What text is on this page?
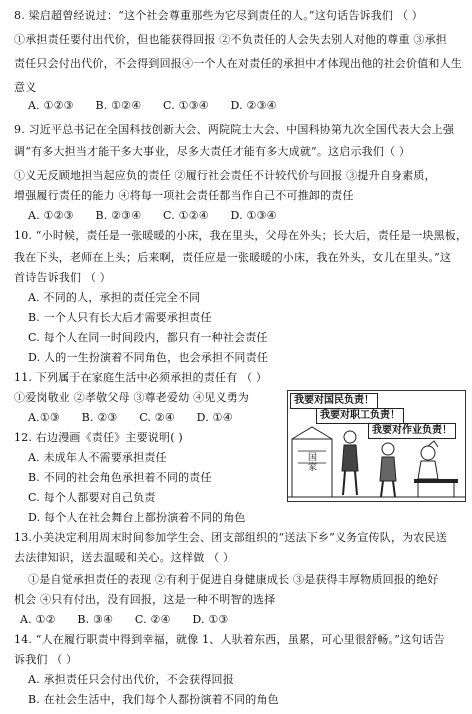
8. 梁启超曾经说过：“这个社会尊重那些为它尽到责任的人。”这句话告诉我们 （ ）
①承担责任要付出代价，但也能获得回报 ②不负责任的人会失去别人对他的尊重 ③承担
责任只会付出代价，不会得到回报④一个人在对责任的承担中才体现出他的社会价值和人生
意义
A. ①②③ B. ①②④ C. ①③④ D. ②③④
9. 习近平总书记在全国科技创新大会、两院院士大会、中国科协第九次全国代表大会上强
调“有多大担当才能干多大事业，尽多大责任才能有多大成就”。这启示我们（ ）
①义无反顾地担当起应负的责任 ②履行社会责任不计较代价与回报 ③提升自身素质，
增强履行责任的能力 ④将每一项社会责任都当作自己不可推卸的责任
A. ①②③ B. ②③④ C. ①②④ D. ①③④
10. “小时候，责任是一张暖暖的小床，我在里头，父母在外头；长大后，责任是一块黑板，
我在下头，老师在上头；后来啊，责任应是一张暖暖的小床，我在外头，女儿在里头。”这
首诗告诉我们 （ ）
A. 不同的人，承担的责任完全不同
B. 一个人只有长大后才需要承担责任
C. 每个人在同一时间段内，都只有一种社会责任
D. 人的一生扮演着不同角色，也会承担不同责任
11. 下列属于在家庭生活中必须承担的责任有 （ ）
①爱岗敬业 ②孝敬父母 ③尊老爱幼 ④见义勇为
A.①③ B. ②③ C. ②④ D. ①④
12. 右边漫画《责任》主要说明( )
A. 未成年人不需要承担责任
B. 不同的社会角色承担着不同的责任
C. 每个人都要对自己负责
D. 每个人在社会舞台上都扮演着不同的角色
我要对国民负责！
我要对职工负责！
我要对作业负责！
国家
13.小美决定利用周末时间参加学生会、团支部组织的“送法下乡”义务宣传队，为农民送
去法律知识，送去温暖和关心。这样做 （ ）
①是自觉承担责任的表现 ②有利于促进自身健康成长 ③是获得丰厚物质回报的绝好
机会 ④只有付出，没有回报，这是一种不明智的选择
A. ①② B. ③④ C. ②④ D. ①③
14. “人在履行职责中得到幸福，就像 1、人驮着东西，虽累，可心里很舒畅。”这句话告
诉我们 （ ）
A. 承担责任只会付出代价，不会获得回报
B. 在社会生活中，我们每个人都扮演着不同的角色
